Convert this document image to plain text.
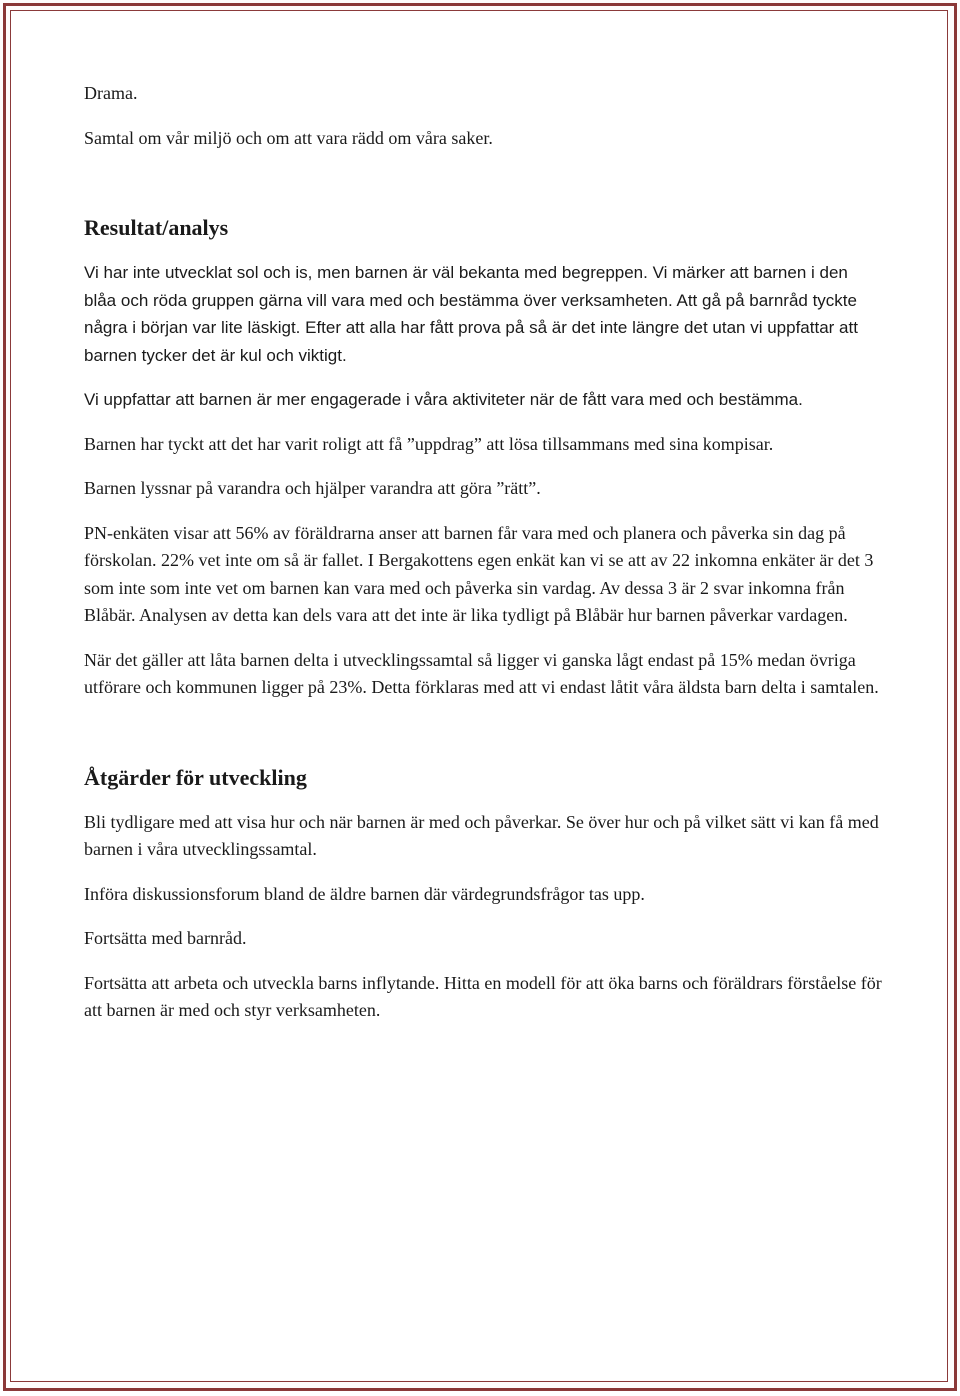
Drama.

Samtal om vår miljö och om att vara rädd om våra saker.

Resultat/analys

Vi har inte utvecklat sol och is, men barnen är väl bekanta med begreppen. Vi märker att barnen i den blåa och röda gruppen gärna vill vara med och bestämma över verksamheten. Att gå på barnråd tyckte några i början var lite läskigt. Efter att alla har fått prova på så är det inte längre det utan vi uppfattar att barnen tycker det är kul och viktigt.

Vi uppfattar att barnen är mer engagerade i våra aktiviteter när de fått vara med och bestämma.

Barnen har tyckt att det har varit roligt att få ”uppdrag” att lösa tillsammans med sina kompisar.

Barnen lyssnar på varandra och hjälper varandra att göra ”rätt”.

PN-enkäten visar att 56% av föräldrarna anser att barnen får vara med och planera och påverka sin dag på förskolan. 22% vet inte om så är fallet. I Bergakottens egen enkät kan vi se att av 22 inkomna enkäter är det 3 som inte som inte vet om barnen kan vara med och påverka sin vardag. Av dessa 3 är 2 svar inkomna från Blåbär. Analysen av detta kan dels vara att det inte är lika tydligt på Blåbär hur barnen påverkar vardagen.

När det gäller att låta barnen delta i utvecklingssamtal så ligger vi ganska lågt endast på 15% medan övriga utförare och kommunen ligger på 23%. Detta förklaras med att vi endast låtit våra äldsta barn delta i samtalen.

Åtgärder för utveckling

Bli tydligare med att visa hur och när barnen är med och påverkar. Se över hur och på vilket sätt vi kan få med barnen i våra utvecklingssamtal.

Införa diskussionsforum bland de äldre barnen där värdegrundsfrågor tas upp.

Fortsätta med barnråd.

Fortsätta att arbeta och utveckla barns inflytande. Hitta en modell för att öka barns och föräldrars förståelse för att barnen är med och styr verksamheten.
